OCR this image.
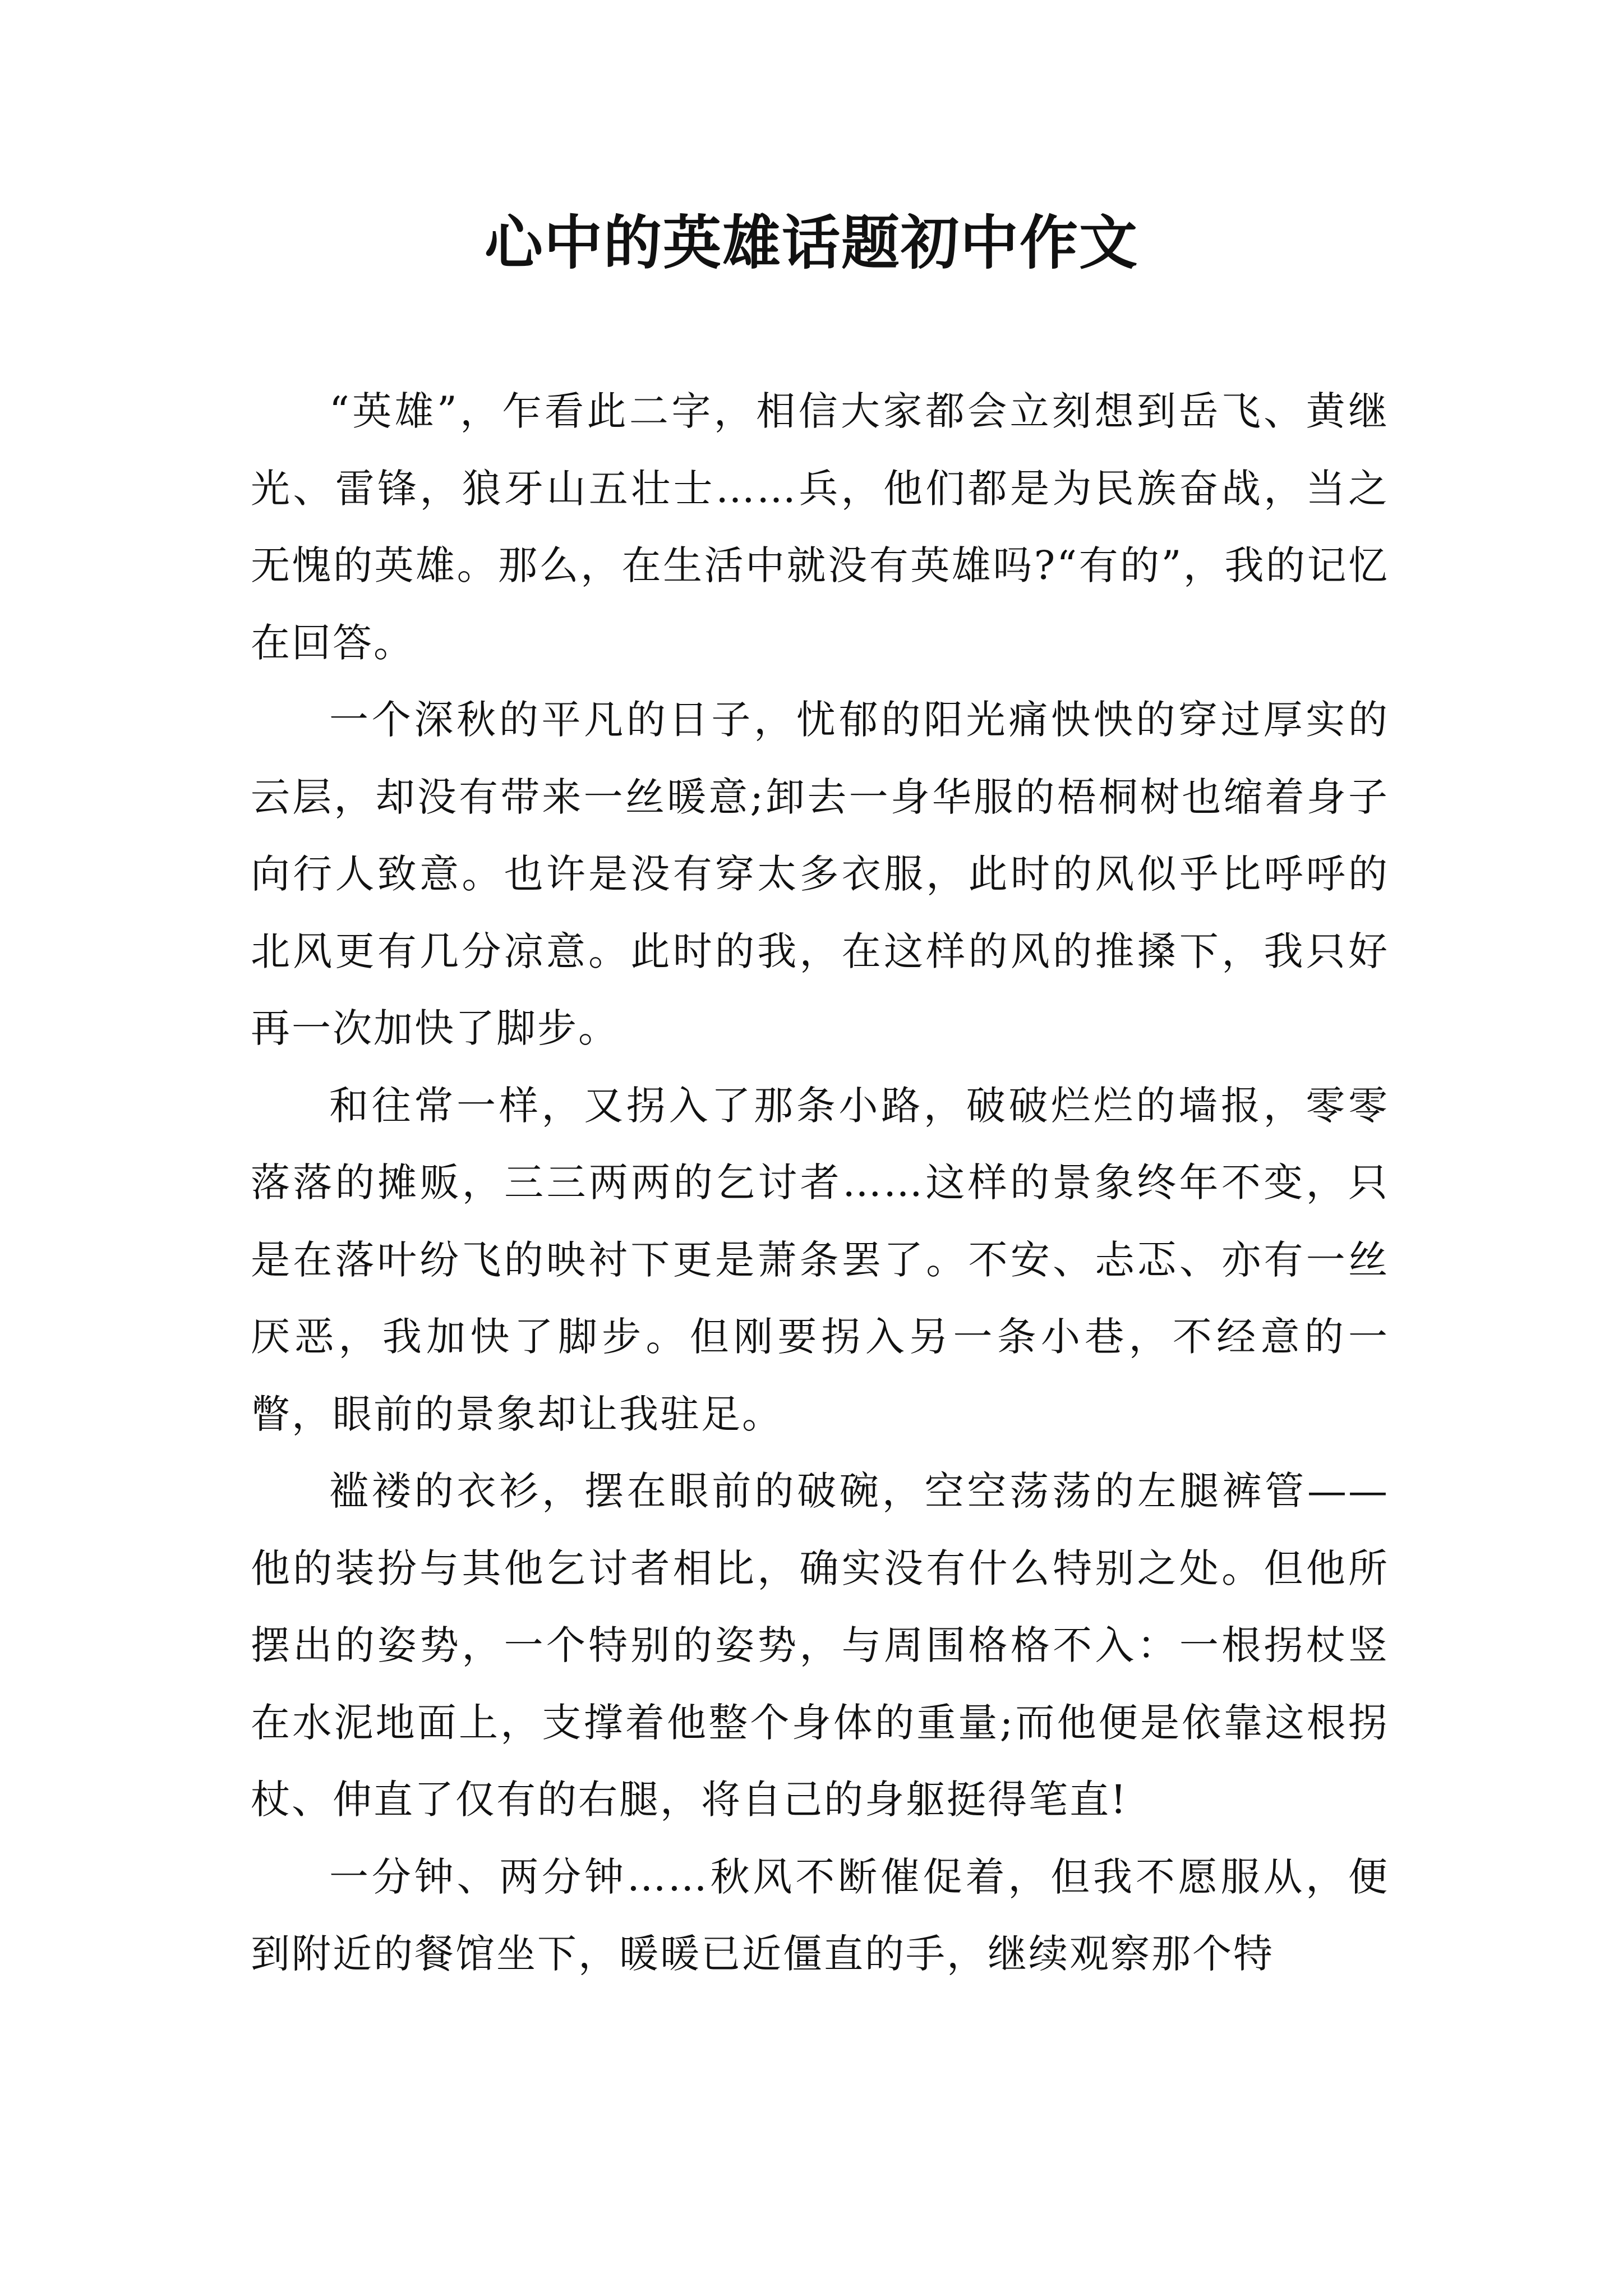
心中的英雄话题初中作文

“英雄”，乍看此二字，相信大家都会立刻想到岳飞、黄继光、雷锋，狼牙山五壮士……兵，他们都是为民族奋战，当之无愧的英雄。那么，在生活中就没有英雄吗?“有的”，我的记忆在回答。

一个深秋的平凡的日子，忧郁的阳光痛怏怏的穿过厚实的云层，却没有带来一丝暖意;卸去一身华服的梧桐树也缩着身子向行人致意。也许是没有穿太多衣服，此时的风似乎比呼呼的北风更有几分凉意。此时的我，在这样的风的推搡下，我只好再一次加快了脚步。

和往常一样，又拐入了那条小路，破破烂烂的墙报，零零落落的摊贩，三三两两的乞讨者……这样的景象终年不变，只是在落叶纷飞的映衬下更是萧条罢了。不安、忐忑、亦有一丝厌恶，我加快了脚步。但刚要拐入另一条小巷，不经意的一瞥，眼前的景象却让我驻足。

褴褛的衣衫，摆在眼前的破碗，空空荡荡的左腿裤管——他的装扮与其他乞讨者相比，确实没有什么特别之处。但他所摆出的姿势，一个特别的姿势，与周围格格不入：一根拐杖竖在水泥地面上，支撑着他整个身体的重量;而他便是依靠这根拐杖、伸直了仅有的右腿，将自己的身躯挺得笔直!

一分钟、两分钟……秋风不断催促着，但我不愿服从，便到附近的餐馆坐下，暖暖已近僵直的手，继续观察那个特
